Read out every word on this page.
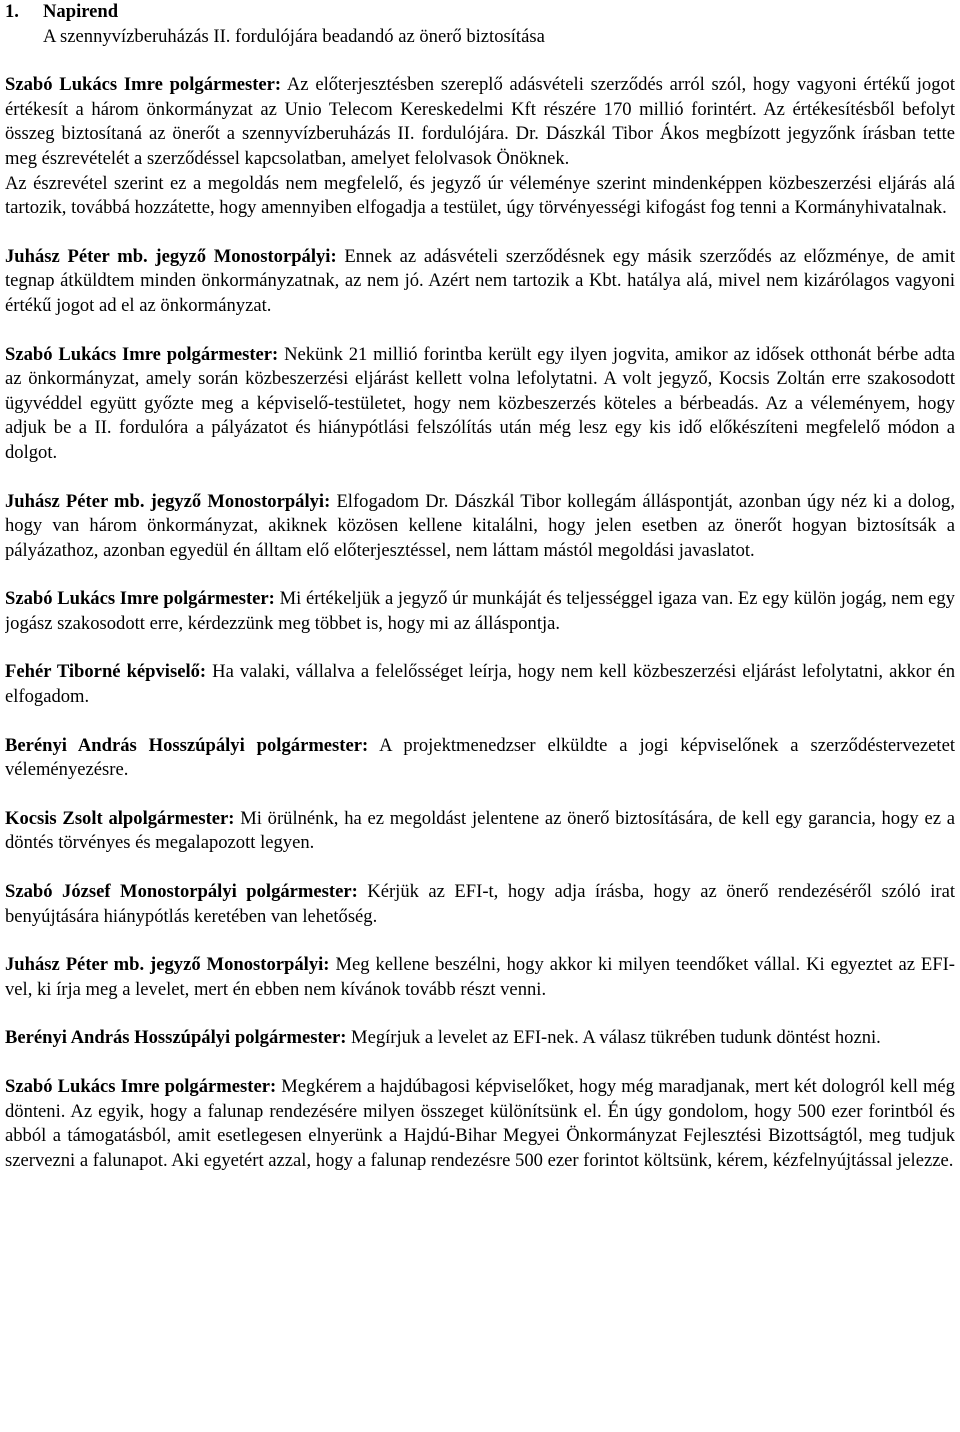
1.	Napirend
A szennyvízberuházás II. fordulójára beadandó az önerő biztosítása

Szabó Lukács Imre polgármester: Az előterjesztésben szereplő adásvételi szerződés arról szól, hogy vagyoni értékű jogot értékesít a három önkormányzat az Unio Telecom Kereskedelmi Kft részére 170 millió forintért. Az értékesítésből befolyt összeg biztosítaná az önerőt a szennyvízberuházás II. fordulójára. Dr. Dászkál Tibor Ákos megbízott jegyzőnk írásban tette meg észrevételét a szerződéssel kapcsolatban, amelyet felolvasok Önöknek.

Az észrevétel szerint ez a megoldás nem megfelelő, és jegyző úr véleménye szerint mindenképpen közbeszerzési eljárás alá tartozik, továbbá hozzátette, hogy amennyiben elfogadja a testület, úgy törvényességi kifogást fog tenni a Kormányhivatalnak.

Juhász Péter mb. jegyző Monostorpályi: Ennek az adásvételi szerződésnek egy másik szerződés az előzménye, de amit tegnap átküldtem minden önkormányzatnak, az nem jó. Azért nem tartozik a Kbt. hatálya alá, mivel nem kizárólagos vagyoni értékű jogot ad el az önkormányzat.

Szabó Lukács Imre polgármester: Nekünk 21 millió forintba került egy ilyen jogvita, amikor az idősek otthonát bérbe adta az önkormányzat, amely során közbeszerzési eljárást kellett volna lefolytatni. A volt jegyző, Kocsis Zoltán erre szakosodott ügyvéddel együtt győzte meg a képviselő-testületet, hogy nem közbeszerzés köteles a bérbeadás. Az a véleményem, hogy adjuk be a II. fordulóra a pályázatot és hiánypótlási felszólítás után még lesz egy kis idő előkészíteni megfelelő módon a dolgot.

Juhász Péter mb. jegyző Monostorpályi: Elfogadom Dr. Dászkál Tibor kollegám álláspontját, azonban úgy néz ki a dolog, hogy van három önkormányzat, akiknek közösen kellene kitalálni, hogy jelen esetben az önerőt hogyan biztosítsák a pályázathoz, azonban egyedül én álltam elő előterjesztéssel, nem láttam mástól megoldási javaslatot.

Szabó Lukács Imre polgármester: Mi értékeljük a jegyző úr munkáját és teljességgel igaza van. Ez egy külön jogág, nem egy jogász szakosodott erre, kérdezzünk meg többet is, hogy mi az álláspontja.

Fehér Tiborné képviselő: Ha valaki, vállalva a felelősséget leírja, hogy nem kell közbeszerzési eljárást lefolytatni, akkor én elfogadom.

Berényi András Hosszúpályi polgármester: A projektmenedzser elküldte a jogi képviselőnek a szerződéstervezetet véleményezésre.

Kocsis Zsolt alpolgármester: Mi örülnénk, ha ez megoldást jelentene az önerő biztosítására, de kell egy garancia, hogy ez a döntés törvényes és megalapozott legyen.

Szabó József Monostorpályi polgármester: Kérjük az EFI-t, hogy adja írásba, hogy az önerő rendezéséről szóló irat benyújtására hiánypótlás keretében van lehetőség.

Juhász Péter mb. jegyző Monostorpályi: Meg kellene beszélni, hogy akkor ki milyen teendőket vállal. Ki egyeztet az EFI-vel, ki írja meg a levelet, mert én ebben nem kívánok tovább részt venni.

Berényi András Hosszúpályi polgármester: Megírjuk a levelet az EFI-nek. A válasz tükrében tudunk döntést hozni.

Szabó Lukács Imre polgármester: Megkérem a hajdúbagosi képviselőket, hogy még maradjanak, mert két dologról kell még dönteni. Az egyik, hogy a falunap rendezésére milyen összeget különítsünk el. Én úgy gondolom, hogy 500 ezer forintból és abból a támogatásból, amit esetlegesen elnyerünk a Hajdú-Bihar Megyei Önkormányzat Fejlesztési Bizottságtól, meg tudjuk szervezni a falunapot. Aki egyetért azzal, hogy a falunap rendezésre 500 ezer forintot költsünk, kérem, kézfelnyújtással jelezze.
